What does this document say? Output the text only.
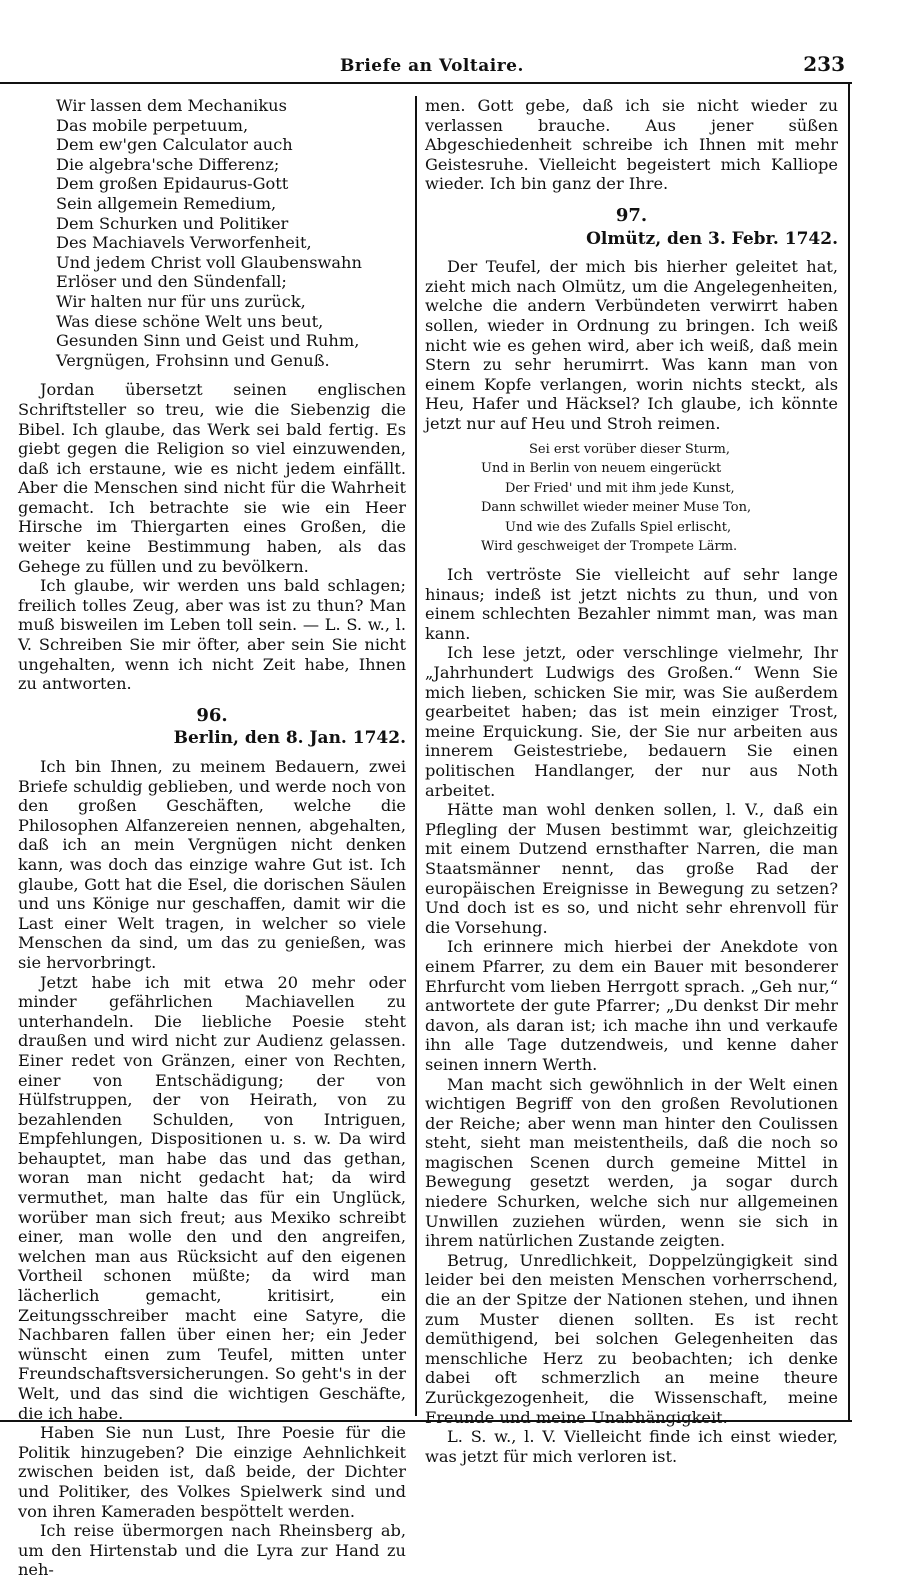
Briefe an Voltaire.	233
Wir lassen dem Mechanikus
Das mobile perpetuum,
Dem ew'gen Calculator auch
Die algebra'sche Differenz;
Dem großen Epidaurus-Gott
Sein allgemein Remedium,
Dem Schurken und Politiker
Des Machiavels Verworfenheit,
Und jedem Christ voll Glaubenswahn
Erlöser und den Sündenfall;
Wir halten nur für uns zurück,
Was diese schöne Welt uns beut,
Gesunden Sinn und Geist und Ruhm,
Vergnügen, Frohsinn und Genuß.

Jordan übersetzt seinen englischen Schriftsteller so treu, wie die Siebenzig die Bibel. Ich glaube, das Werk sei bald fertig. Es giebt gegen die Religion so viel einzuwenden, daß ich erstaune, wie es nicht jedem einfällt. Aber die Menschen sind nicht für die Wahrheit gemacht. Ich betrachte sie wie ein Heer Hirsche im Thiergarten eines Großen, die weiter keine Bestimmung haben, als das Gehege zu füllen und zu bevölkern.

Ich glaube, wir werden uns bald schlagen; freilich tolles Zeug, aber was ist zu thun? Man muß bisweilen im Leben toll sein. — L. S. w., l. V. Schreiben Sie mir öfter, aber sein Sie nicht ungehalten, wenn ich nicht Zeit habe, Ihnen zu antworten.

96.
Berlin, den 8. Jan. 1742.

Ich bin Ihnen, zu meinem Bedauern, zwei Briefe schuldig geblieben, und werde noch von den großen Geschäften, welche die Philosophen Alfanzereien nennen, abgehalten, daß ich an mein Vergnügen nicht denken kann, was doch das einzige wahre Gut ist. Ich glaube, Gott hat die Esel, die dorischen Säulen und uns Könige nur geschaffen, damit wir die Last einer Welt tragen, in welcher so viele Menschen da sind, um das zu genießen, was sie hervorbringt.

Jetzt habe ich mit etwa 20 mehr oder minder gefährlichen Machiavellen zu unterhandeln. Die liebliche Poesie steht draußen und wird nicht zur Audienz gelassen. Einer redet von Gränzen, einer von Rechten, einer von Entschädigung; der von Hülfstruppen, der von Heirath, von zu bezahlenden Schulden, von Intriguen, Empfehlungen, Dispositionen u. s. w. Da wird behauptet, man habe das und das gethan, woran man nicht gedacht hat; da wird vermuthet, man halte das für ein Unglück, worüber man sich freut; aus Mexiko schreibt einer, man wolle den und den angreifen, welchen man aus Rücksicht auf den eigenen Vortheil schonen müßte; da wird man lächerlich gemacht, kritisirt, ein Zeitungsschreiber macht eine Satyre, die Nachbaren fallen über einen her; ein Jeder wünscht einen zum Teufel, mitten unter Freundschaftsversicherungen. So geht's in der Welt, und das sind die wichtigen Geschäfte, die ich habe.

Haben Sie nun Lust, Ihre Poesie für die Politik hinzugeben? Die einzige Aehnlichkeit zwischen beiden ist, daß beide, der Dichter und Politiker, des Volkes Spielwerk sind und von ihren Kameraden bespöttelt werden.

Ich reise übermorgen nach Rheinsberg ab, um den Hirtenstab und die Lyra zur Hand zu neh-

men. Gott gebe, daß ich sie nicht wieder zu verlassen brauche. Aus jener süßen Abgeschiedenheit schreibe ich Ihnen mit mehr Geistesruhe. Vielleicht begeistert mich Kalliope wieder. Ich bin ganz der Ihre.

97.
Olmütz, den 3. Febr. 1742.

Der Teufel, der mich bis hierher geleitet hat, zieht mich nach Olmütz, um die Angelegenheiten, welche die andern Verbündeten verwirrt haben sollen, wieder in Ordnung zu bringen. Ich weiß nicht wie es gehen wird, aber ich weiß, daß mein Stern zu sehr herumirrt. Was kann man von einem Kopfe verlangen, worin nichts steckt, als Heu, Hafer und Häcksel? Ich glaube, ich könnte jetzt nur auf Heu und Stroh reimen.

Sei erst vorüber dieser Sturm,
Und in Berlin von neuem eingerückt
Der Fried' und mit ihm jede Kunst,
Dann schwillet wieder meiner Muse Ton,
Und wie des Zufalls Spiel erlischt,
Wird geschweiget der Trompete Lärm.

Ich vertröste Sie vielleicht auf sehr lange hinaus; indeß ist jetzt nichts zu thun, und von einem schlechten Bezahler nimmt man, was man kann.

Ich lese jetzt, oder verschlinge vielmehr, Ihr „Jahrhundert Ludwigs des Großen.“ Wenn Sie mich lieben, schicken Sie mir, was Sie außerdem gearbeitet haben; das ist mein einziger Trost, meine Erquickung. Sie, der Sie nur arbeiten aus innerem Geistestriebe, bedauern Sie einen politischen Handlanger, der nur aus Noth arbeitet.

Hätte man wohl denken sollen, l. V., daß ein Pflegling der Musen bestimmt war, gleichzeitig mit einem Dutzend ernsthafter Narren, die man Staatsmänner nennt, das große Rad der europäischen Ereignisse in Bewegung zu setzen? Und doch ist es so, und nicht sehr ehrenvoll für die Vorsehung.

Ich erinnere mich hierbei der Anekdote von einem Pfarrer, zu dem ein Bauer mit besonderer Ehrfurcht vom lieben Herrgott sprach. „Geh nur,“ antwortete der gute Pfarrer; „Du denkst Dir mehr davon, als daran ist; ich mache ihn und verkaufe ihn alle Tage dutzendweis, und kenne daher seinen innern Werth.

Man macht sich gewöhnlich in der Welt einen wichtigen Begriff von den großen Revolutionen der Reiche; aber wenn man hinter den Coulissen steht, sieht man meistentheils, daß die noch so magischen Scenen durch gemeine Mittel in Bewegung gesetzt werden, ja sogar durch niedere Schurken, welche sich nur allgemeinen Unwillen zuziehen würden, wenn sie sich in ihrem natürlichen Zustande zeigten.

Betrug, Unredlichkeit, Doppelzüngigkeit sind leider bei den meisten Menschen vorherrschend, die an der Spitze der Nationen stehen, und ihnen zum Muster dienen sollten. Es ist recht demüthigend, bei solchen Gelegenheiten das menschliche Herz zu beobachten; ich denke dabei oft schmerzlich an meine theure Zurückgezogenheit, die Wissenschaft, meine Freunde und meine Unabhängigkeit.

L. S. w., l. V. Vielleicht finde ich einst wieder, was jetzt für mich verloren ist.
